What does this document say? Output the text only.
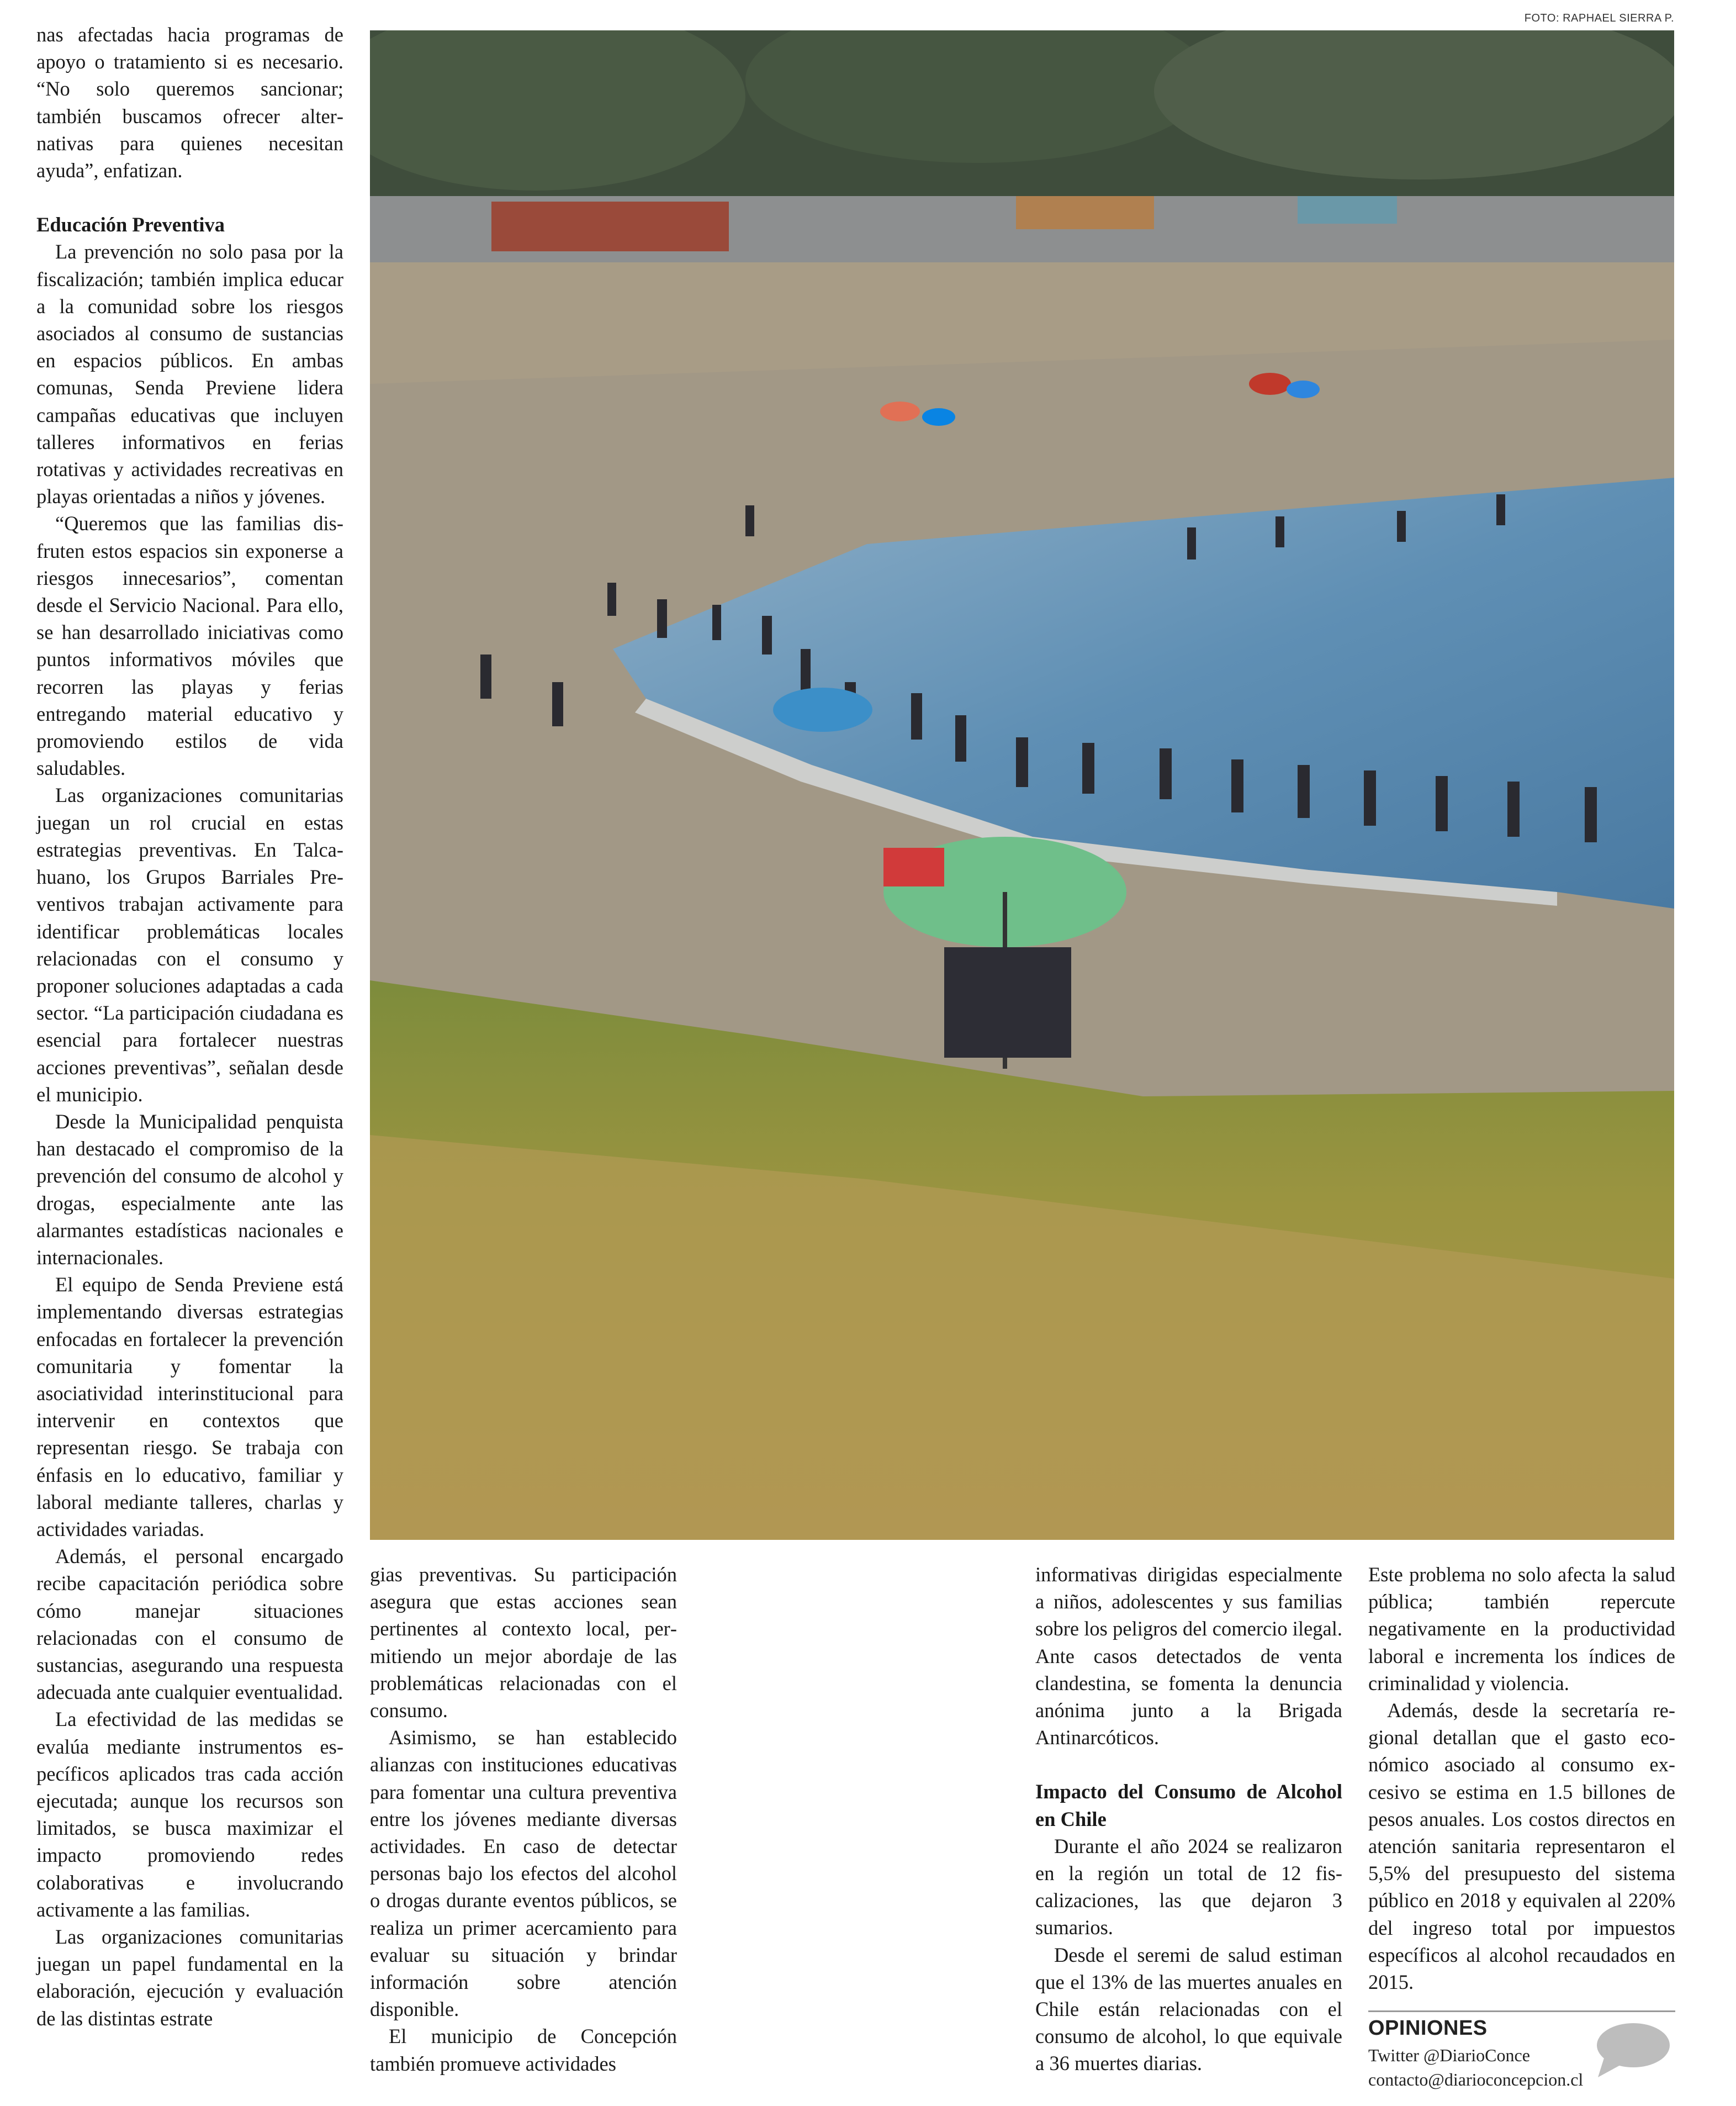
FOTO: RAPHAEL SIERRA P.

nas afectadas hacia programas de apoyo o tratamiento si es necesario. “No solo queremos sancionar; también buscamos ofrecer alternativas para quienes necesitan ayuda”, enfatizan.

Educación Preventiva

La prevención no solo pasa por la fiscalización; también implica educar a la comunidad sobre los riesgos asociados al consumo de sustancias en espacios públicos. En ambas comunas, Senda Previene lidera campañas educativas que incluyen talleres informativos en ferias rotativas y actividades recreativas en playas orientadas a niños y jóvenes.

“Queremos que las familias disfruten estos espacios sin exponerse a riesgos innecesarios”, comentan desde el Servicio Nacional. Para ello, se han desarrollado iniciativas como puntos informativos móviles que recorren las playas y ferias entregando material educativo y promoviendo estilos de vida saludables.

Las organizaciones comunitarias juegan un rol crucial en estas estrategias preventivas. En Talcahuano, los Grupos Barriales Preventivos trabajan activamente para identificar problemáticas locales relacionadas con el consumo y proponer soluciones adaptadas a cada sector. “La participación ciudadana es esencial para fortalecer nuestras acciones preventivas”, señalan desde el municipio.

Desde la Municipalidad penquista han destacado el compromiso de la prevención del consumo de alcohol y drogas, especialmente ante las alarmantes estadísticas nacionales e internacionales.

El equipo de Senda Previene está implementando diversas estrategias enfocadas en fortalecer la prevención comunitaria y fomentar la asociatividad interinstitucional para intervenir en contextos que representan riesgo. Se trabaja con énfasis en lo educativo, familiar y laboral mediante talleres, charlas y actividades variadas.

Además, el personal encargado recibe capacitación periódica sobre cómo manejar situaciones relacionadas con el consumo de sustancias, asegurando una respuesta adecuada ante cualquier eventualidad.

La efectividad de las medidas se evalúa mediante instrumentos específicos aplicados tras cada acción ejecutada; aunque los recursos son limitados, se busca maximizar el impacto promoviendo redes colaborativas e involucrando activamente a las familias.

Las organizaciones comunitarias juegan un papel fundamental en la elaboración, ejecución y evaluación de las distintas estrate

gias preventivas. Su participación asegura que estas acciones sean pertinentes al contexto local, permitiendo un mejor abordaje de las problemáticas relacionadas con el consumo.

Asimismo, se han establecido alianzas con instituciones educativas para fomentar una cultura preventiva entre los jóvenes mediante diversas actividades. En caso de detectar personas bajo los efectos del alcohol o drogas durante eventos públicos, se realiza un primer acercamiento para evaluar su situación y brindar información sobre atención disponible.

El municipio de Concepción también promueve actividades

informativas dirigidas especialmente a niños, adolescentes y sus familias sobre los peligros del comercio ilegal. Ante casos detectados de venta clandestina, se fomenta la denuncia anónima junto a la Brigada Antinarcóticos.

Impacto del Consumo de Alcohol en Chile

Durante el año 2024 se realizaron en la región un total de 12 fiscalizaciones, las que dejaron 3 sumarios.

Desde el seremi de salud estiman que el 13% de las muertes anuales en Chile están relacionadas con el consumo de alcohol, lo que equivale a 36 muertes diarias.

Este problema no solo afecta la salud pública; también repercute negativamente en la productividad laboral e incrementa los índices de criminalidad y violencia.

Además, desde la secretaría regional detallan que el gasto económico asociado al consumo excesivo se estima en 1.5 billones de pesos anuales. Los costos directos en atención sanitaria representaron el 5,5% del presupuesto del sistema público en 2018 y equivalen al 220% del ingreso total por impuestos específicos al alcohol recaudados en 2015.

OPINIONES
Twitter @DiarioConce
contacto@diarioconcepcion.cl
